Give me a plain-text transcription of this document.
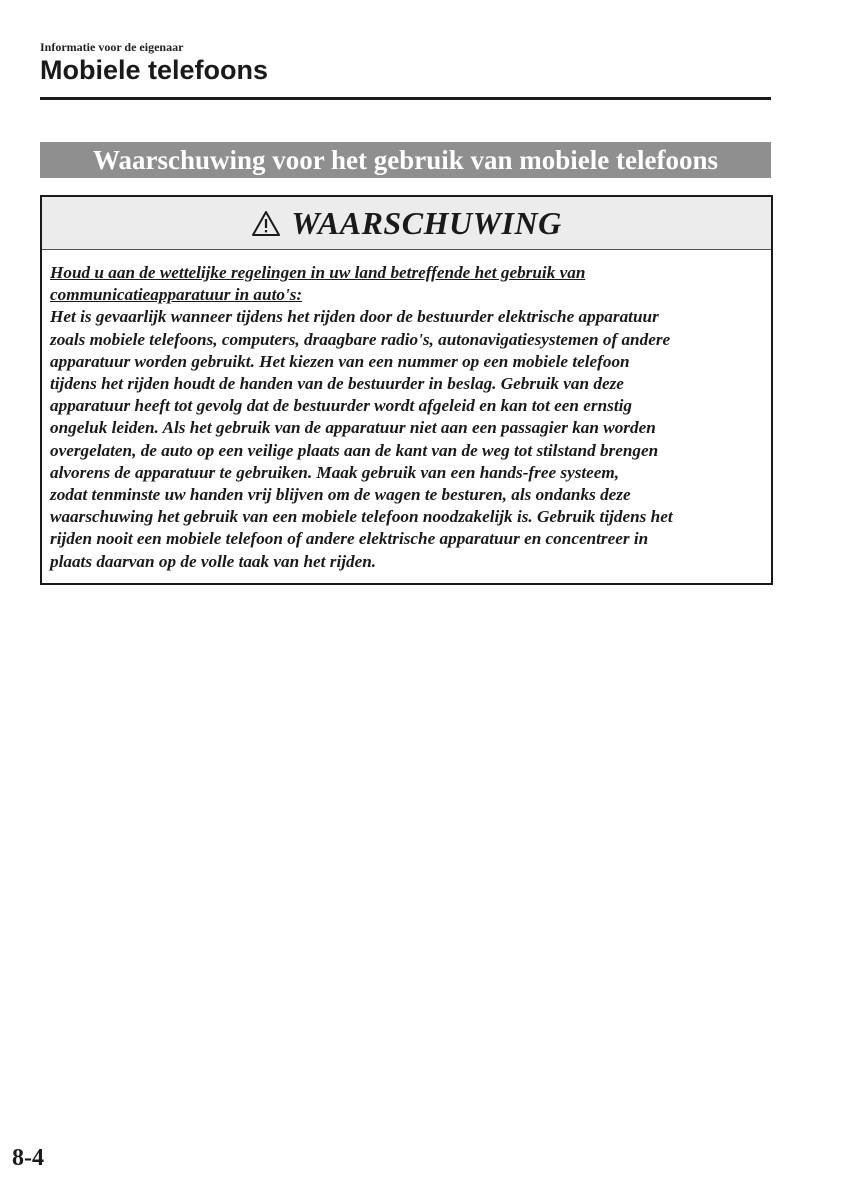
Informatie voor de eigenaar
Mobiele telefoons
Waarschuwing voor het gebruik van mobiele telefoons
WAARSCHUWING
Houd u aan de wettelijke regelingen in uw land betreffende het gebruik van
communicatieapparatuur in auto's:
Het is gevaarlijk wanneer tijdens het rijden door de bestuurder elektrische apparatuur
zoals mobiele telefoons, computers, draagbare radio's, autonavigatiesystemen of andere
apparatuur worden gebruikt. Het kiezen van een nummer op een mobiele telefoon
tijdens het rijden houdt de handen van de bestuurder in beslag. Gebruik van deze
apparatuur heeft tot gevolg dat de bestuurder wordt afgeleid en kan tot een ernstig
ongeluk leiden. Als het gebruik van de apparatuur niet aan een passagier kan worden
overgelaten, de auto op een veilige plaats aan de kant van de weg tot stilstand brengen
alvorens de apparatuur te gebruiken. Maak gebruik van een hands-free systeem,
zodat tenminste uw handen vrij blijven om de wagen te besturen, als ondanks deze
waarschuwing het gebruik van een mobiele telefoon noodzakelijk is. Gebruik tijdens het
rijden nooit een mobiele telefoon of andere elektrische apparatuur en concentreer in
plaats daarvan op de volle taak van het rijden.
8-4
